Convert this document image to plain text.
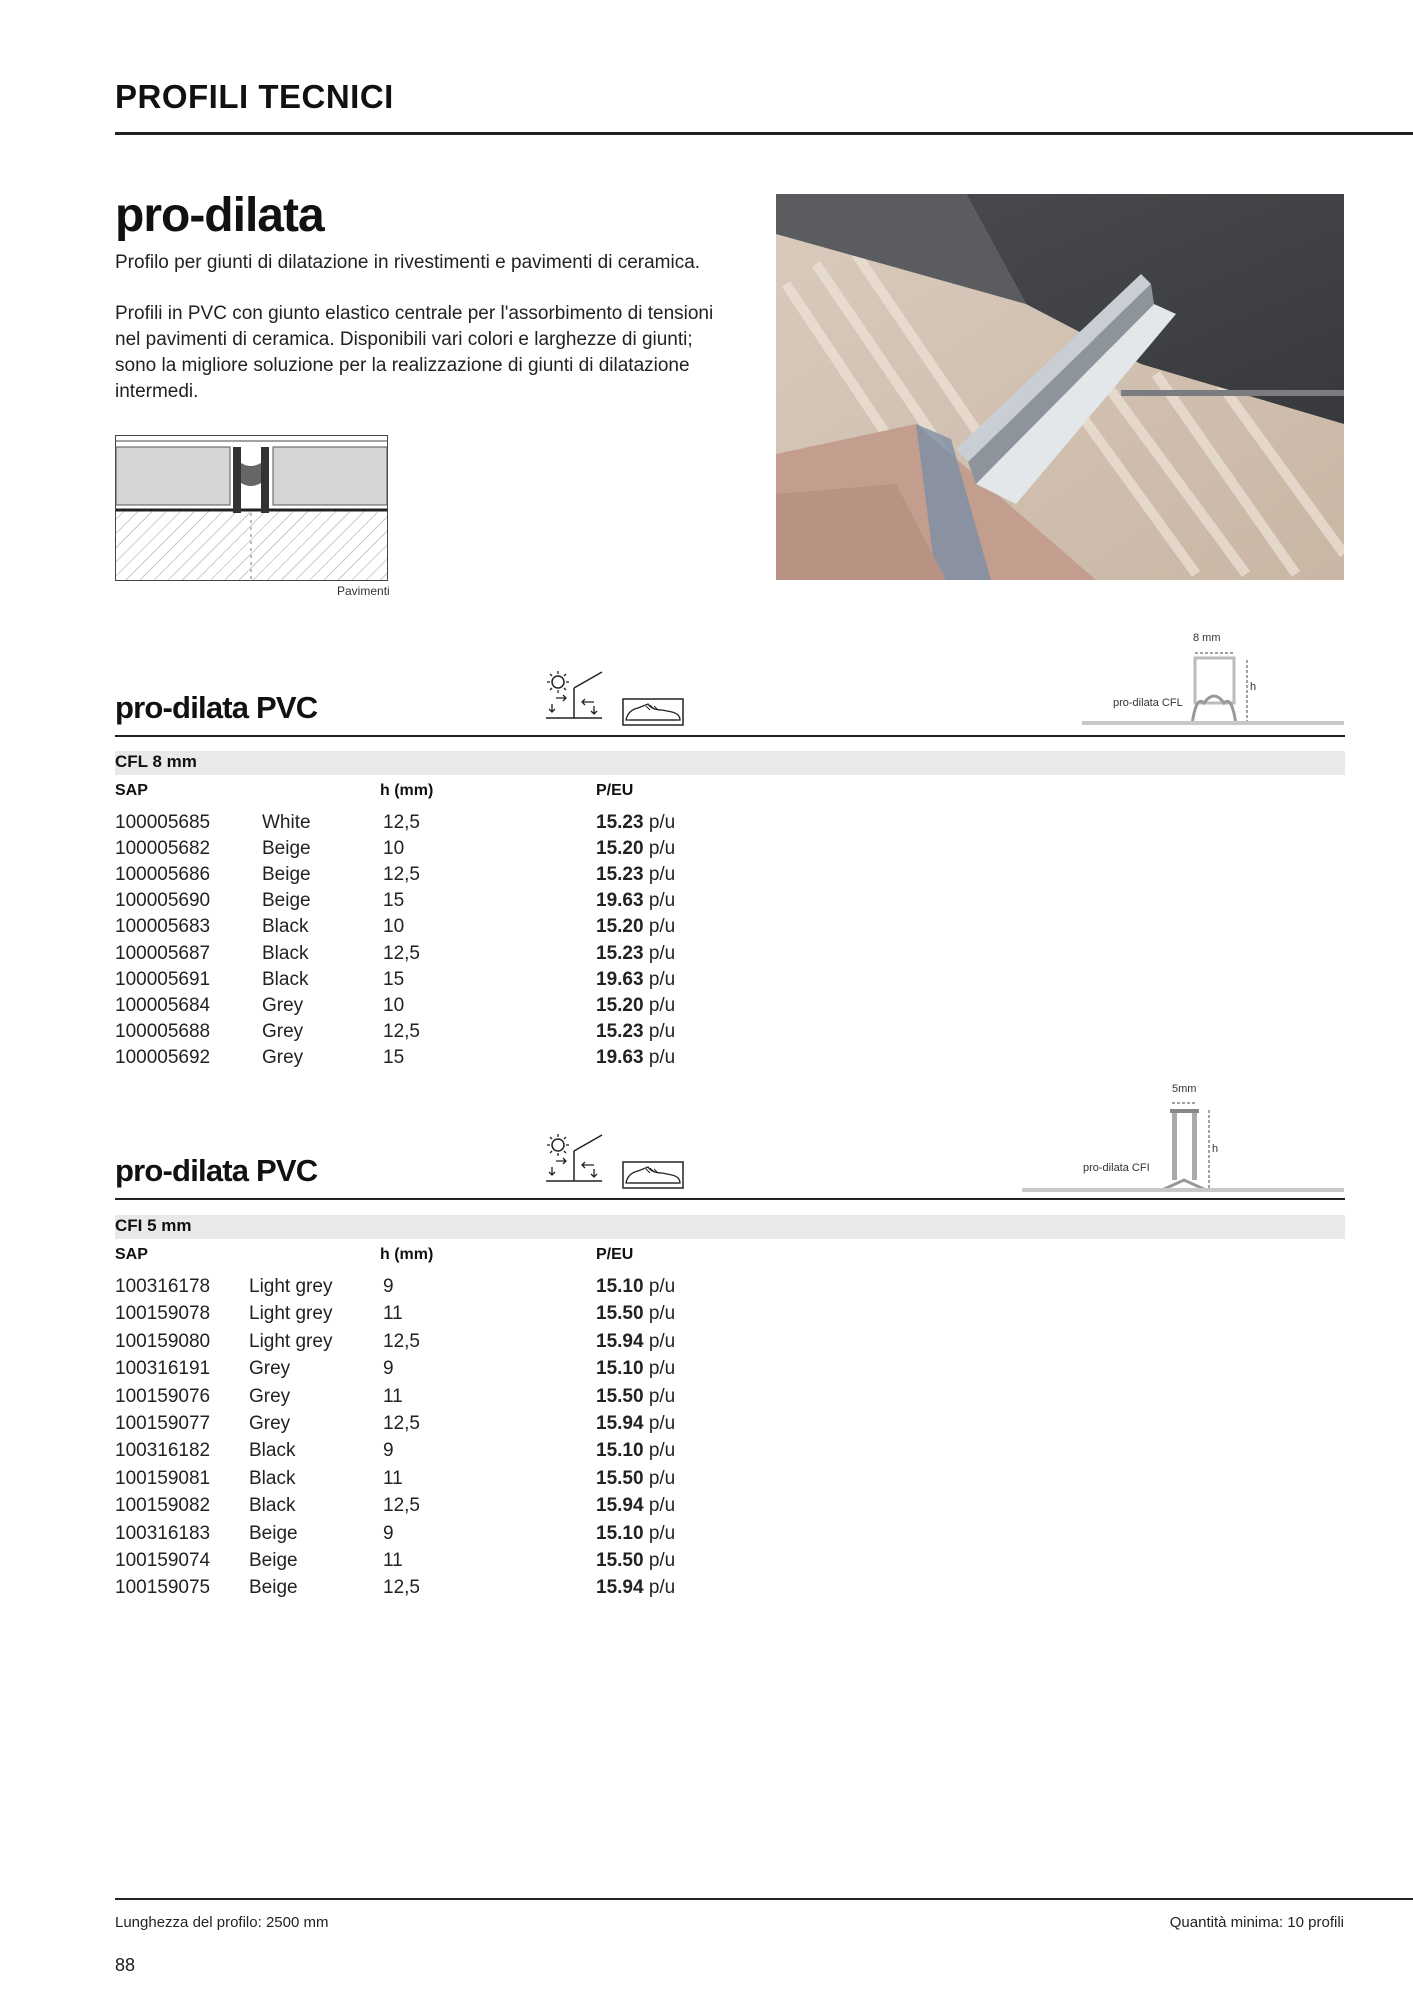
PROFILI TECNICI
pro-dilata
Profilo per giunti di dilatazione in rivestimenti e pavimenti di ceramica.
Profili in PVC con giunto elastico centrale per l'assorbimento di tensioni
nel pavimenti di ceramica. Disponibili vari colori e larghezze di giunti;
sono la migliore soluzione per la realizzazione di giunti di dilatazione
intermedi.
Pavimenti
pro-dilata PVC
8 mm
h
pro-dilata CFL
CFL 8 mm
SAP	h (mm)	P/EU
100005685	White	12,5	15.23 p/u
100005682	Beige	10	15.20 p/u
100005686	Beige	12,5	15.23 p/u
100005690	Beige	15	19.63 p/u
100005683	Black	10	15.20 p/u
100005687	Black	12,5	15.23 p/u
100005691	Black	15	19.63 p/u
100005684	Grey	10	15.20 p/u
100005688	Grey	12,5	15.23 p/u
100005692	Grey	15	19.63 p/u
pro-dilata PVC
5mm
h
pro-dilata CFI
CFI 5 mm
SAP	h (mm)	P/EU
100316178 Light grey	9	15.10 p/u
100159078 Light grey	11	15.50 p/u
100159080 Light grey	12,5	15.94 p/u
100316191 Grey	9	15.10 p/u
100159076 Grey	11	15.50 p/u
100159077 Grey	12,5	15.94 p/u
100316182 Black	9	15.10 p/u
100159081 Black	11	15.50 p/u
100159082 Black	12,5	15.94 p/u
100316183 Beige	9	15.10 p/u
100159074 Beige	11	15.50 p/u
100159075 Beige	12,5	15.94 p/u
Lunghezza del profilo: 2500 mm	Quantità minima: 10 profili
88
